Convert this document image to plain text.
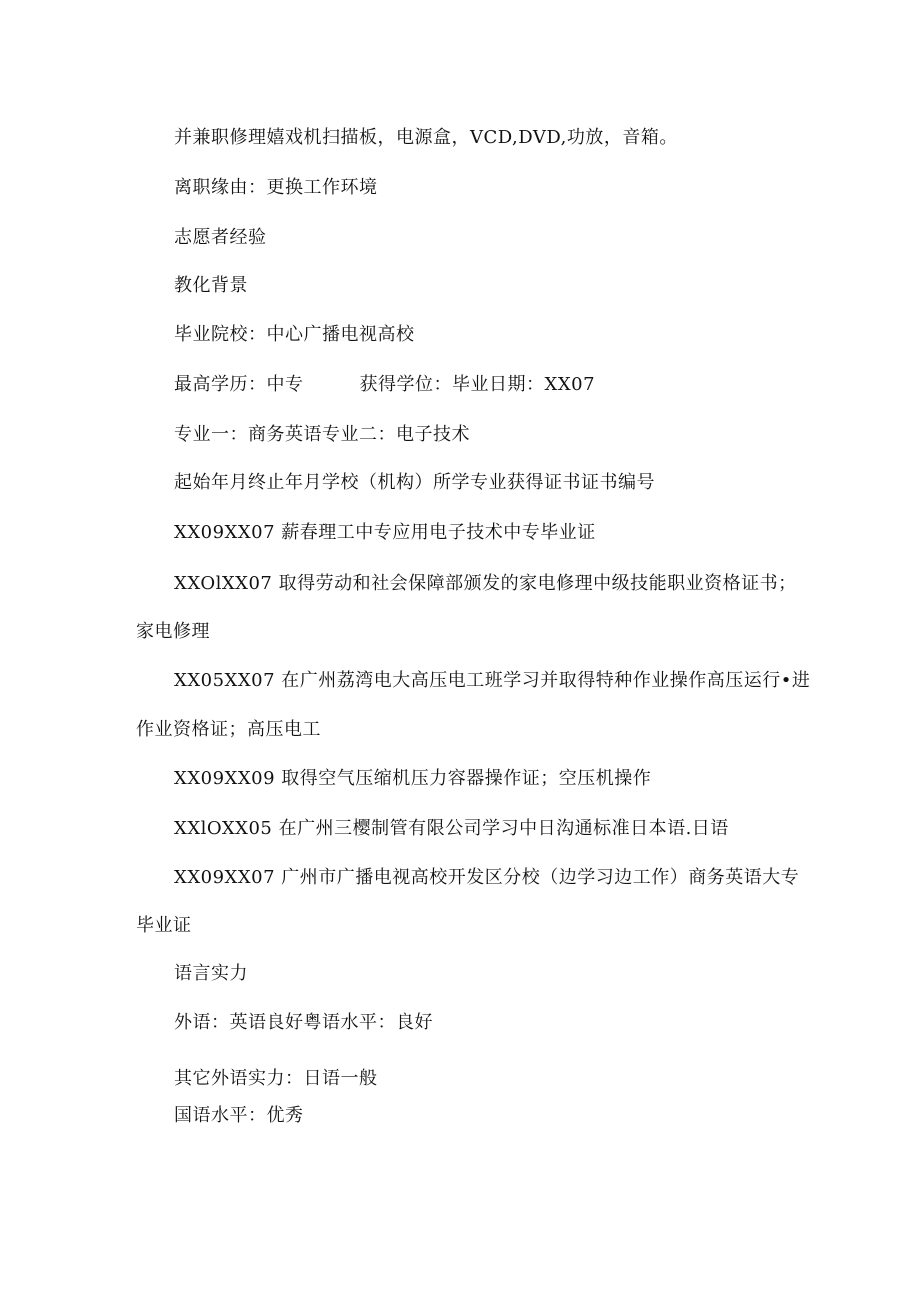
并兼职修理嬉戏机扫描板，电源盒，VCD,DVD,功放，音箱。
离职缘由：更换工作环境
志愿者经验
教化背景
毕业院校：中心广播电视高校
最高学历：中专	获得学位：毕业日期：XX07
专业一：商务英语专业二：电子技术
起始年月终止年月学校（机构）所学专业获得证书证书编号
XX09XX07 薪春理工中专应用电子技术中专毕业证
XXOlXX07 取得劳动和社会保障部颁发的家电修理中级技能职业资格证书；
家电修理
XX05XX07 在广州荔湾电大高压电工班学习并取得特种作业操作高压运行•进
作业资格证；高压电工
XX09XX09 取得空气压缩机压力容器操作证；空压机操作
XXlOXX05 在广州三樱制管有限公司学习中日沟通标准日本语.日语
XX09XX07 广州市广播电视高校开发区分校（边学习边工作）商务英语大专
毕业证
语言实力
外语：英语良好粤语水平：良好
其它外语实力：日语一般
国语水平：优秀
